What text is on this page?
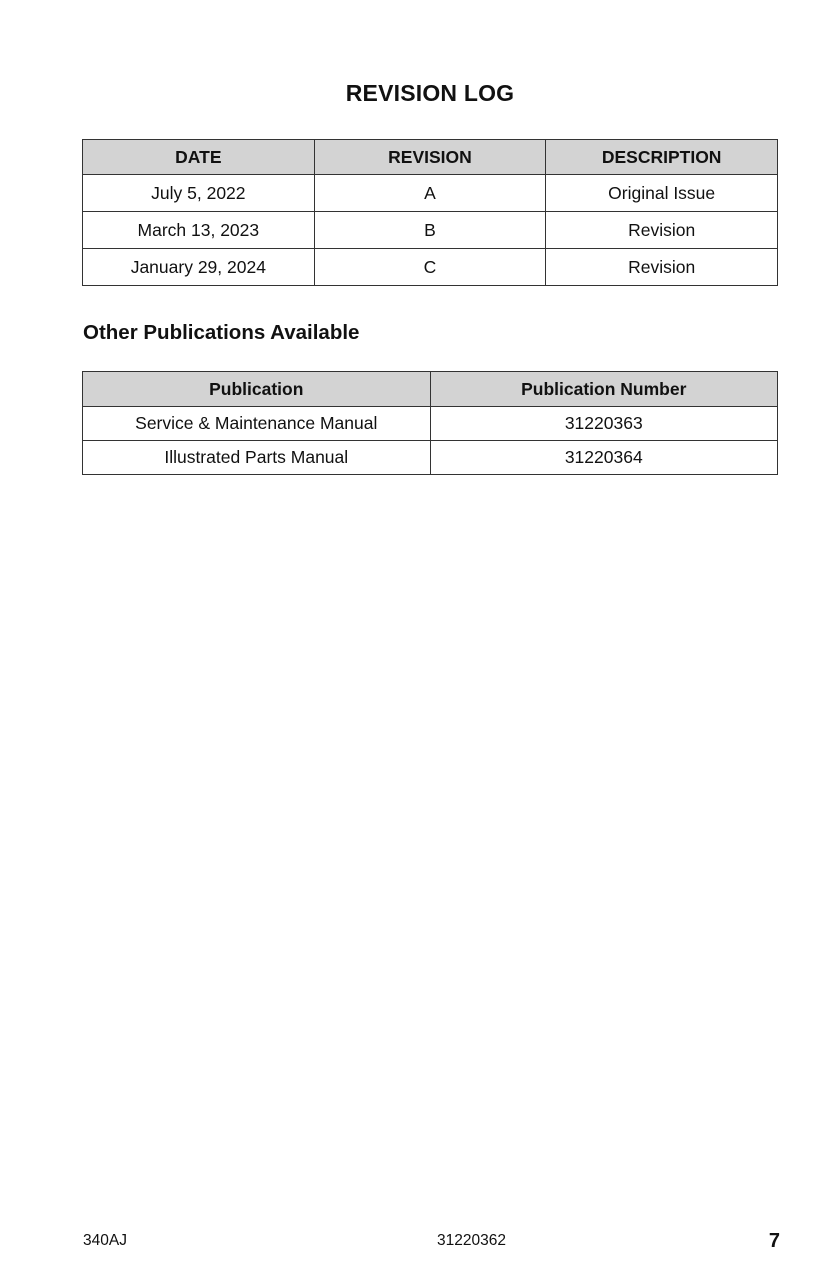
REVISION LOG
DATE	REVISION	DESCRIPTION
July 5, 2022	A	Original Issue
March 13, 2023	B	Revision
January 29, 2024	C	Revision
Other Publications Available
Publication	Publication Number
Service & Maintenance Manual	31220363
Illustrated Parts Manual	31220364
340AJ	31220362	7
